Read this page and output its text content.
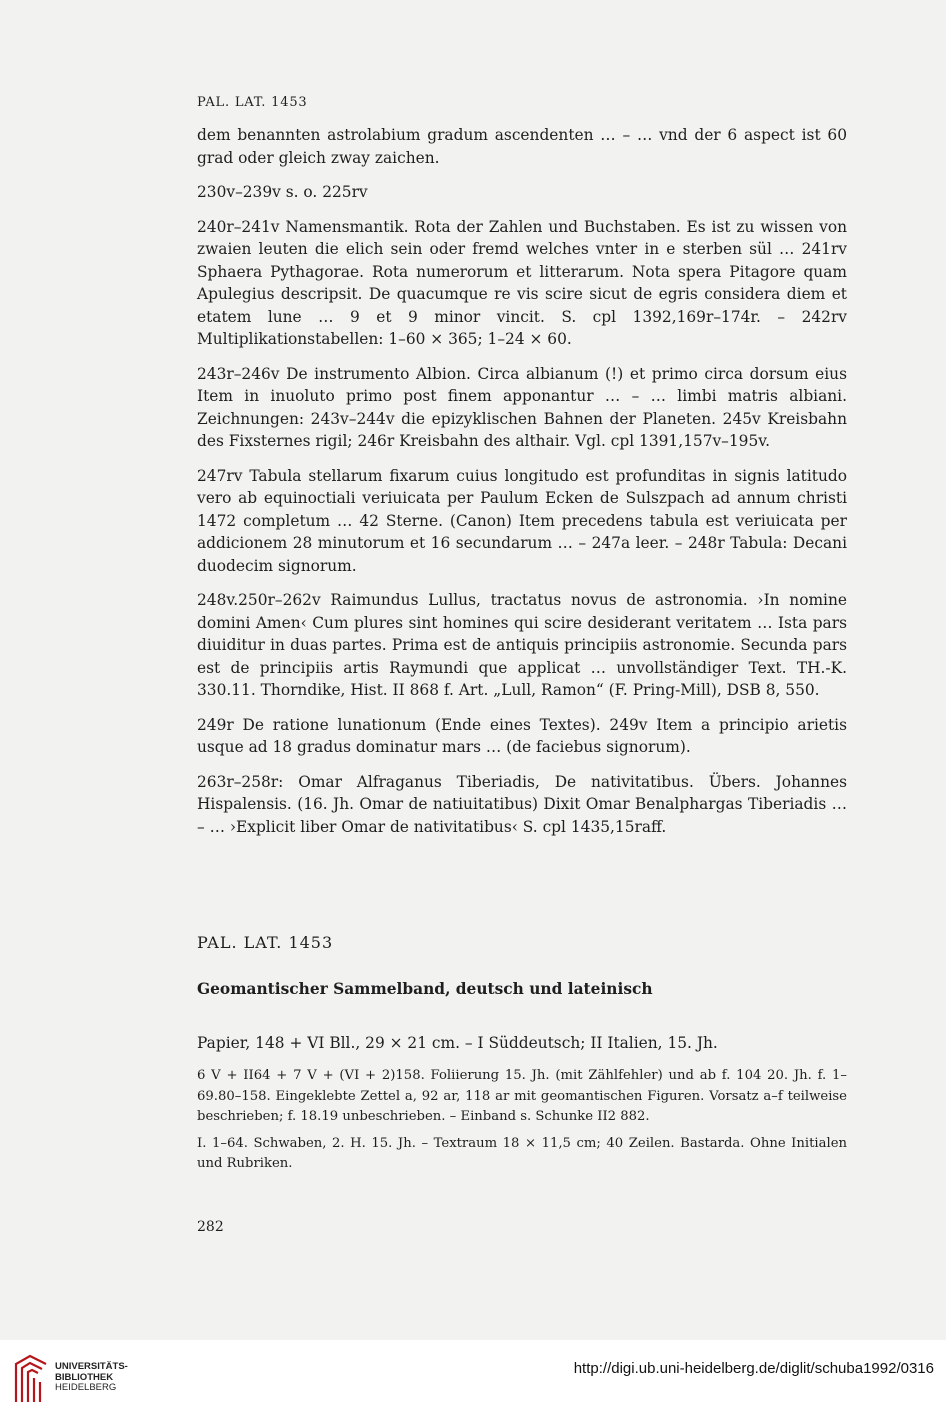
PAL. LAT. 1453

dem benannten astrolabium gradum ascendenten … – … vnd der 6 aspect ist 60 grad oder gleich zway zaichen.

230v–239v s. o. 225rv

240r–241v Namensmantik. Rota der Zahlen und Buchstaben. Es ist zu wissen von zwaien leuten die elich sein oder fremd welches vnter in e sterben sül … 241rv Sphaera Pythagorae. Rota numerorum et litterarum. Nota spera Pitagore quam Apulegius descripsit. De quacumque re vis scire sicut de egris considera diem et etatem lune … 9 et 9 minor vincit. S. cpl 1392,169r–174r. – 242rv Multiplikationstabellen: 1–60 × 365; 1–24 × 60.

243r–246v De instrumento Albion. Circa albianum (!) et primo circa dorsum eius Item in inuoluto primo post finem apponantur … – … limbi matris albiani. Zeichnungen: 243v–244v die epizyklischen Bahnen der Planeten. 245v Kreisbahn des Fixsternes rigil; 246r Kreisbahn des althair. Vgl. cpl 1391,157v–195v.

247rv Tabula stellarum fixarum cuius longitudo est profunditas in signis latitudo vero ab equinoctiali veriuicata per Paulum Ecken de Sulszpach ad annum christi 1472 completum … 42 Sterne. (Canon) Item precedens tabula est veriuicata per addicionem 28 minutorum et 16 secundarum … – 247a leer. – 248r Tabula: Decani duodecim signorum.

248v.250r–262v Raimundus Lullus, tractatus novus de astronomia. ›In nomine domini Amen‹ Cum plures sint homines qui scire desiderant veritatem … Ista pars diuiditur in duas partes. Prima est de antiquis principiis astronomie. Secunda pars est de principiis artis Raymundi que applicat … unvollständiger Text. TH.-K. 330.11. Thorndike, Hist. II 868 f. Art. „Lull, Ramon“ (F. Pring-Mill), DSB 8, 550.

249r De ratione lunationum (Ende eines Textes). 249v Item a principio arietis usque ad 18 gradus dominatur mars … (de faciebus signorum).

263r–258r: Omar Alfraganus Tiberiadis, De nativitatibus. Übers. Johannes Hispalensis. (16. Jh. Omar de natiuitatibus) Dixit Omar Benalphargas Tiberiadis … – … ›Explicit liber Omar de nativitatibus‹ S. cpl 1435,15raff.

PAL. LAT. 1453
Geomantischer Sammelband, deutsch und lateinisch

Papier, 148 + VI Bll., 29 × 21 cm. – I Süddeutsch; II Italien, 15. Jh.

6 V + II64 + 7 V + (VI + 2)158. Foliierung 15. Jh. (mit Zählfehler) und ab f. 104 20. Jh. f. 1–69.80–158. Eingeklebte Zettel a, 92 ar, 118 ar mit geomantischen Figuren. Vorsatz a–f teilweise beschrieben; f. 18.19 unbeschrieben. – Einband s. Schunke II2 882.

I. 1–64. Schwaben, 2. H. 15. Jh. – Textraum 18 × 11,5 cm; 40 Zeilen. Bastarda. Ohne Initialen und Rubriken.

282

UNIVERSITÄTS-
BIBLIOTHEK
HEIDELBERG
http://digi.ub.uni-heidelberg.de/diglit/schuba1992/0316
